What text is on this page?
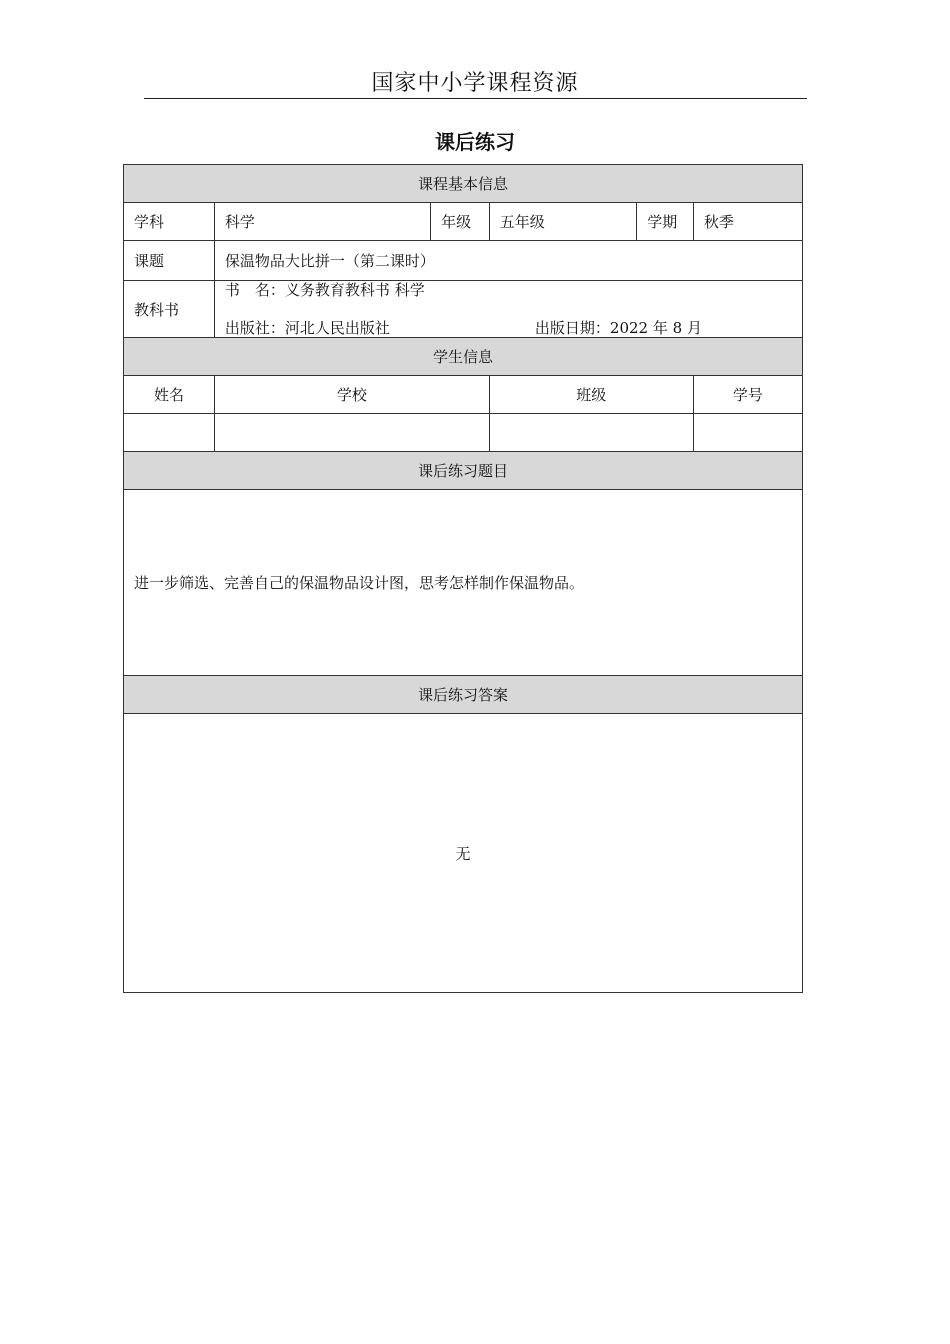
国家中小学课程资源
课后练习
课程基本信息					
学科	科学	年级	五年级	学期	秋季
课题	保温物品大比拼一（第二课时）				
教科书	书　名：义务教育教科书 科学
出版社：河北人民出版社 出版日期：2022 年 8 月				

学生信息					
姓名	学校		班级		学号

课后练习题目					
进一步筛选、完善自己的保温物品设计图，思考怎样制作保温物品。					
课后练习答案					
无					
